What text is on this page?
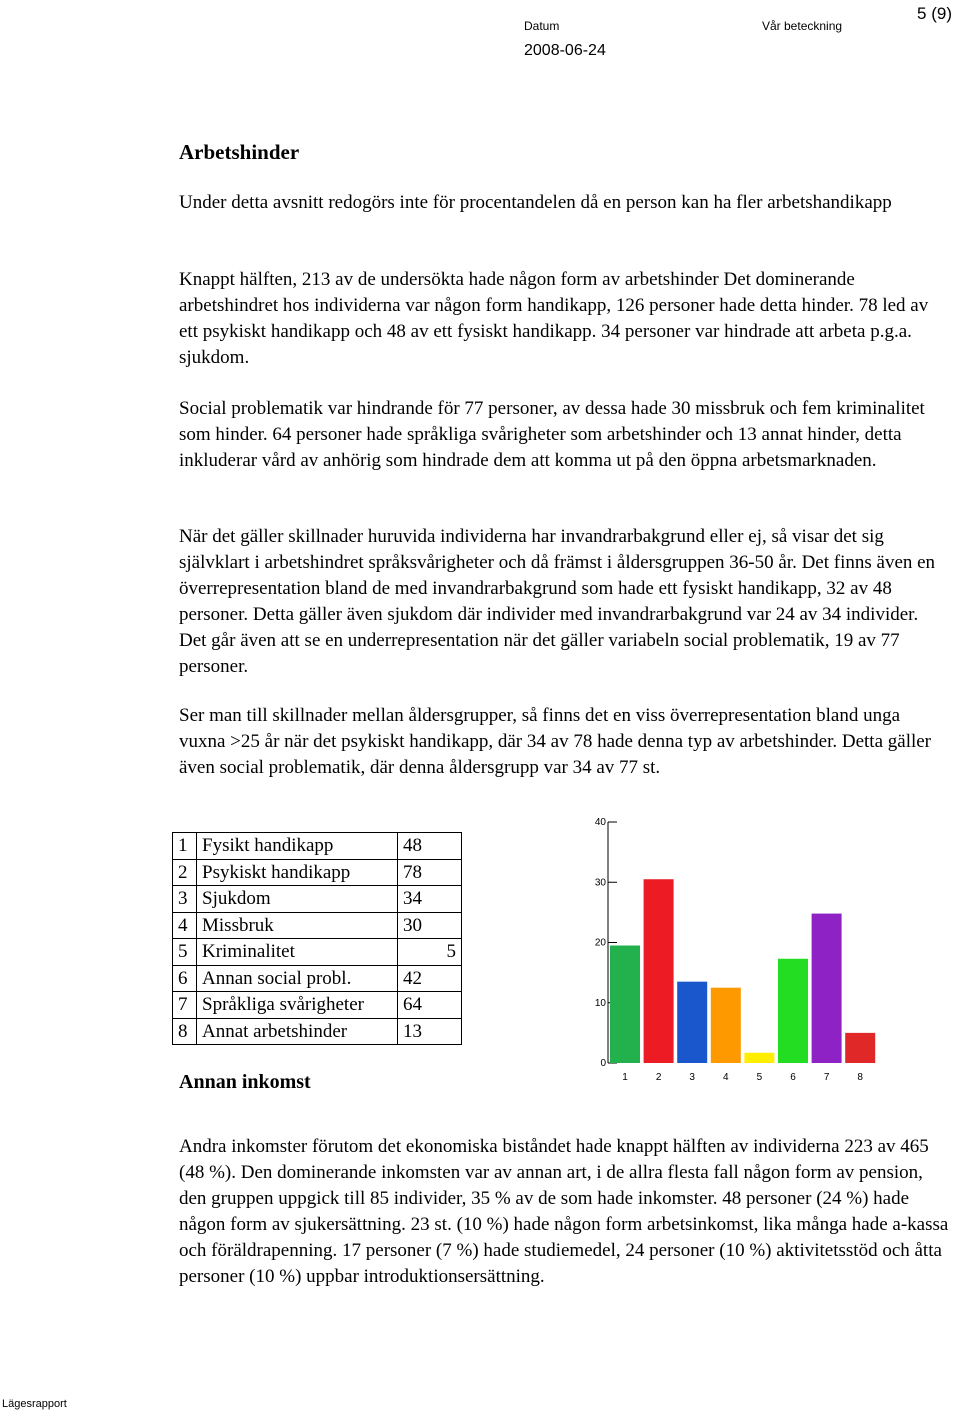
5 (9)
Datum	Vår beteckning
2008-06-24
Arbetshinder

Under detta avsnitt redogörs inte för procentandelen då en person kan ha fler arbetshandikapp

Knappt hälften, 213 av de undersökta hade någon form av arbetshinder Det dominerande arbetshindret hos individerna var någon form handikapp, 126 personer hade detta hinder. 78 led av ett psykiskt handikapp och 48 av ett fysiskt handikapp. 34 personer var hindrade att arbeta p.g.a. sjukdom.

Social problematik var hindrande för 77 personer, av dessa hade 30 missbruk och fem kriminalitet som hinder. 64 personer hade språkliga svårigheter som arbetshinder och 13 annat hinder, detta inkluderar vård av anhörig som hindrade dem att komma ut på den öppna arbetsmarknaden.

När det gäller skillnader huruvida individerna har invandrarbakgrund eller ej, så visar det sig självklart i arbetshindret språksvårigheter och då främst i åldersgruppen 36-50 år. Det finns även en överrepresentation bland de med invandrarbakgrund som hade ett fysiskt handikapp, 32 av 48 personer. Detta gäller även sjukdom där individer med invandrarbakgrund var 24 av 34 individer. Det går även att se en underrepresentation när det gäller variabeln social problematik, 19 av 77 personer.

Ser man till skillnader mellan åldersgrupper, så finns det en viss överrepresentation bland unga vuxna >25 år när det psykiskt handikapp, där 34 av 78 hade denna typ av arbetshinder. Detta gäller även social problematik, där denna åldersgrupp var 34 av 77 st.

1	Fysikt handikapp	48
2	Psykiskt handikapp	78
3	Sjukdom	34
4	Missbruk	30
5	Kriminalitet	5
6	Annan social probl.	42
7	Språkliga svårigheter	64
8	Annat arbetshinder	13
0
10
20
30
40
1	2	3	4	5	6	7	8
Annan inkomst

Andra inkomster förutom det ekonomiska biståndet hade knappt hälften av individerna 223 av 465 (48 %). Den dominerande inkomsten var av annan art, i de allra flesta fall någon form av pension, den gruppen uppgick till 85 individer, 35 % av de som hade inkomster. 48 personer (24 %) hade någon form av sjukersättning. 23 st. (10 %) hade någon form arbetsinkomst, lika många hade a-kassa och föräldrapenning. 17 personer (7 %) hade studiemedel, 24 personer (10 %) aktivitetsstöd och åtta personer (10 %) uppbar introduktionsersättning.

Lägesrapport
